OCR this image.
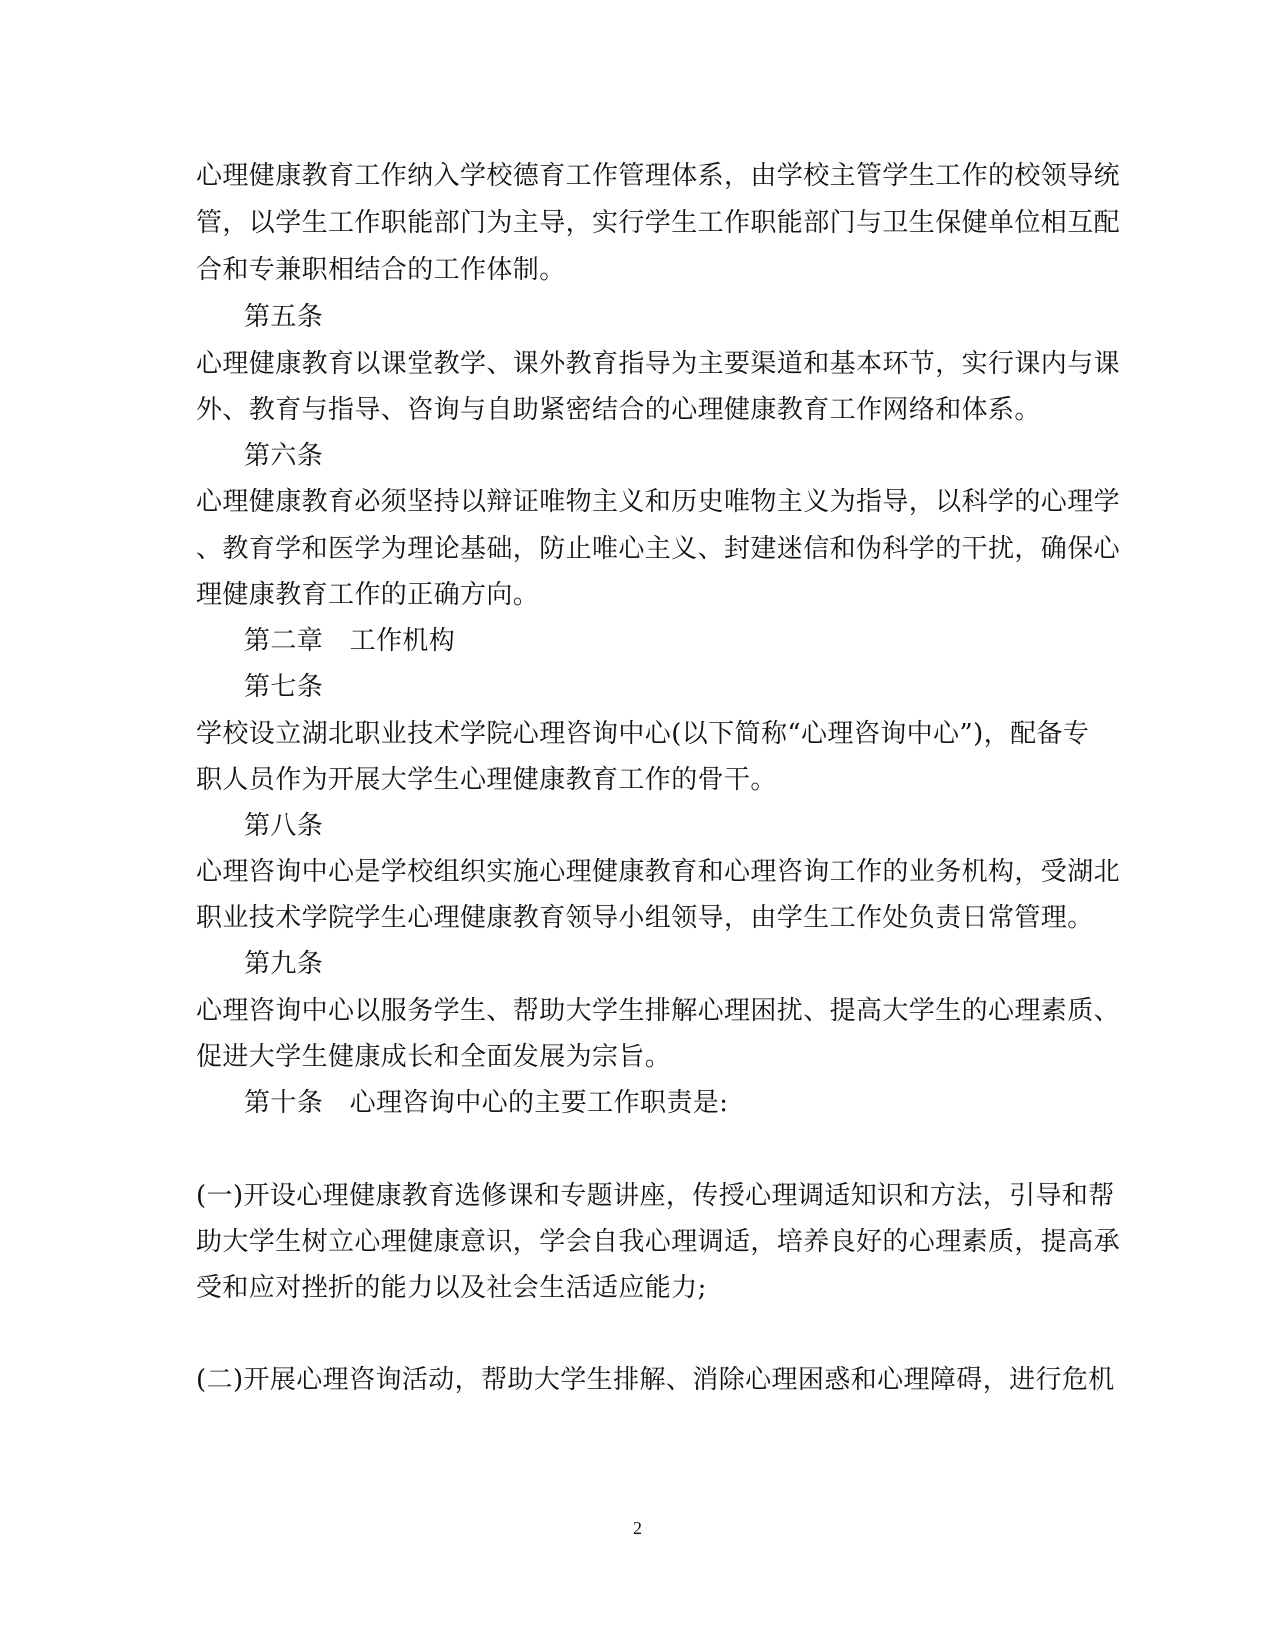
心理健康教育工作纳入学校德育工作管理体系，由学校主管学生工作的校领导统
管，以学生工作职能部门为主导，实行学生工作职能部门与卫生保健单位相互配
合和专兼职相结合的工作体制。
第五条
心理健康教育以课堂教学、课外教育指导为主要渠道和基本环节，实行课内与课
外、教育与指导、咨询与自助紧密结合的心理健康教育工作网络和体系。
第六条
心理健康教育必须坚持以辩证唯物主义和历史唯物主义为指导，以科学的心理学
、教育学和医学为理论基础，防止唯心主义、封建迷信和伪科学的干扰，确保心
理健康教育工作的正确方向。
第二章　工作机构
第七条
学校设立湖北职业技术学院心理咨询中心(以下简称“心理咨询中心”)，配备专
职人员作为开展大学生心理健康教育工作的骨干。
第八条
心理咨询中心是学校组织实施心理健康教育和心理咨询工作的业务机构，受湖北
职业技术学院学生心理健康教育领导小组领导，由学生工作处负责日常管理。
第九条
心理咨询中心以服务学生、帮助大学生排解心理困扰、提高大学生的心理素质、
促进大学生健康成长和全面发展为宗旨。
第十条　心理咨询中心的主要工作职责是:
(一)开设心理健康教育选修课和专题讲座，传授心理调适知识和方法，引导和帮
助大学生树立心理健康意识，学会自我心理调适，培养良好的心理素质，提高承
受和应对挫折的能力以及社会生活适应能力;
(二)开展心理咨询活动，帮助大学生排解、消除心理困惑和心理障碍，进行危机
2
